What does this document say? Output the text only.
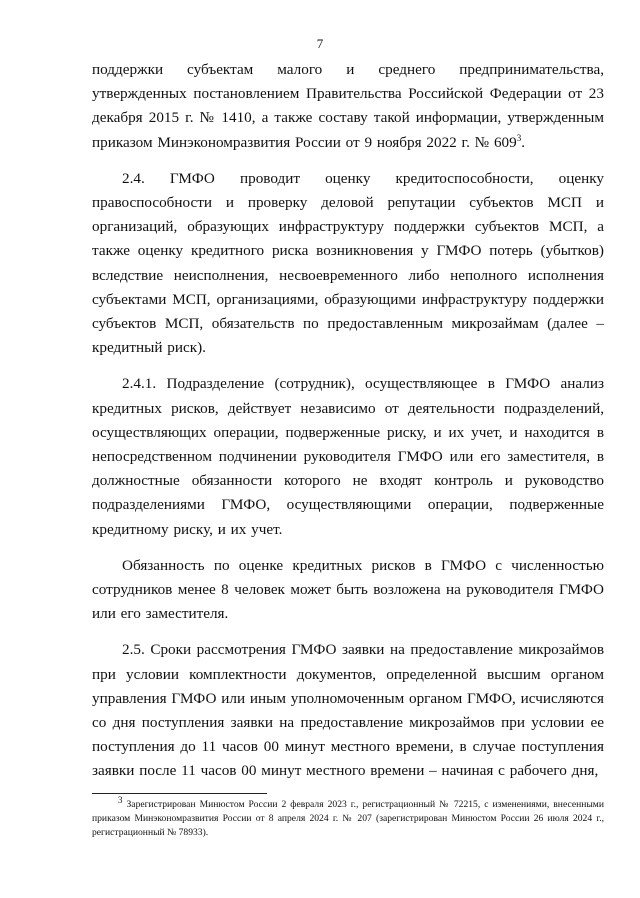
7

поддержки субъектам малого и среднего предпринимательства, утвержденных постановлением Правительства Российской Федерации от 23 декабря 2015 г. № 1410, а также составу такой информации, утвержденным приказом Минэкономразвития России от 9 ноября 2022 г. № $609^3$.

2.4. ГМФО проводит оценку кредитоспособности, оценку правоспособности и проверку деловой репутации субъектов МСП и организаций, образующих инфраструктуру поддержки субъектов МСП, а также оценку кредитного риска возникновения у ГМФО потерь (убытков) вследствие неисполнения, несвоевременного либо неполного исполнения субъектами МСП, организациями, образующими инфраструктуру поддержки субъектов МСП, обязательств по предоставленным микрозаймам (далее – кредитный риск).

2.4.1. Подразделение (сотрудник), осуществляющее в ГМФО анализ кредитных рисков, действует независимо от деятельности подразделений, осуществляющих операции, подверженные риску, и их учет, и находится в непосредственном подчинении руководителя ГМФО или его заместителя, в должностные обязанности которого не входят контроль и руководство подразделениями ГМФО, осуществляющими операции, подверженные кредитному риску, и их учет.

Обязанность по оценке кредитных рисков в ГМФО с численностью сотрудников менее 8 человек может быть возложена на руководителя ГМФО или его заместителя.

2.5. Сроки рассмотрения ГМФО заявки на предоставление микрозаймов при условии комплектности документов, определенной высшим органом управления ГМФО или иным уполномоченным органом ГМФО, исчисляются со дня поступления заявки на предоставление микрозаймов при условии ее поступления до 11 часов 00 минут местного времени, в случае поступления заявки после 11 часов 00 минут местного времени – начиная с рабочего дня,

$^3$ Зарегистрирован Минюстом России 2 февраля 2023 г., регистрационный № 72215, с изменениями, внесенными приказом Минэкономразвития России от 8 апреля 2024 г. № 207 (зарегистрирован Минюстом России 26 июля 2024 г., регистрационный № 78933).
